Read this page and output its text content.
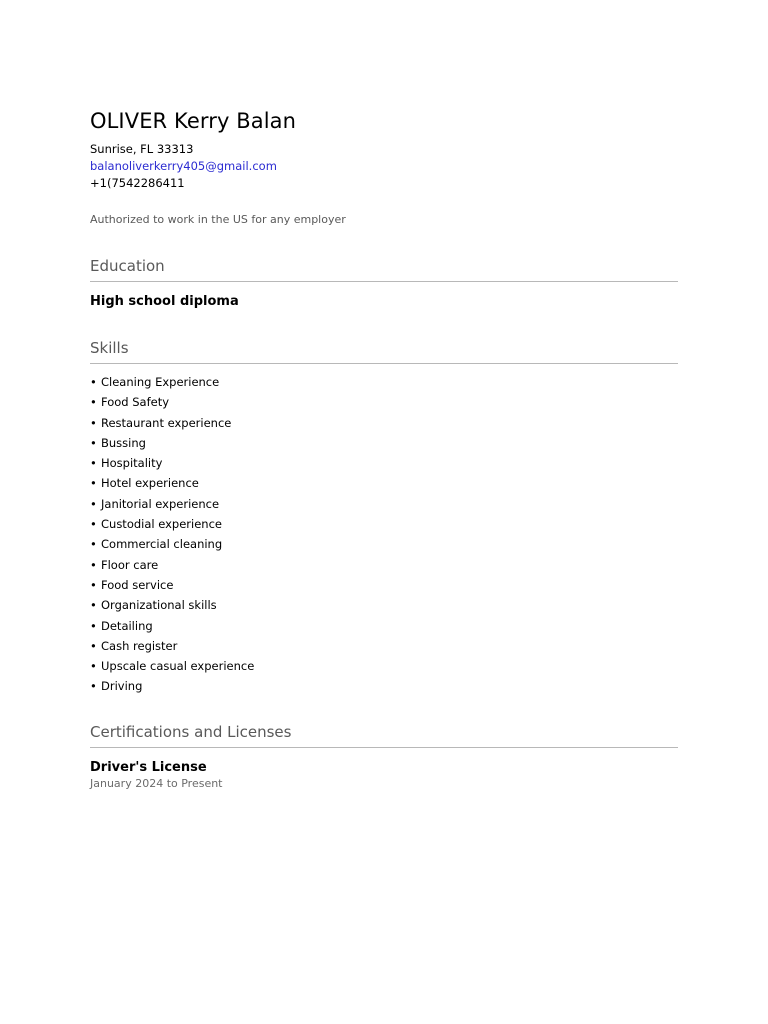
OLIVER Kerry Balan

Sunrise, FL 33313

balanoliverkerry405@gmail.com

+1(7542286411

Authorized to work in the US for any employer

Education

High school diploma

Skills
• Cleaning Experience
• Food Safety
• Restaurant experience
• Bussing
• Hospitality
• Hotel experience
• Janitorial experience
• Custodial experience
• Commercial cleaning
• Floor care
• Food service
• Organizational skills
• Detailing
• Cash register
• Upscale casual experience
• Driving
Certifications and Licenses

Driver's License

January 2024 to Present
